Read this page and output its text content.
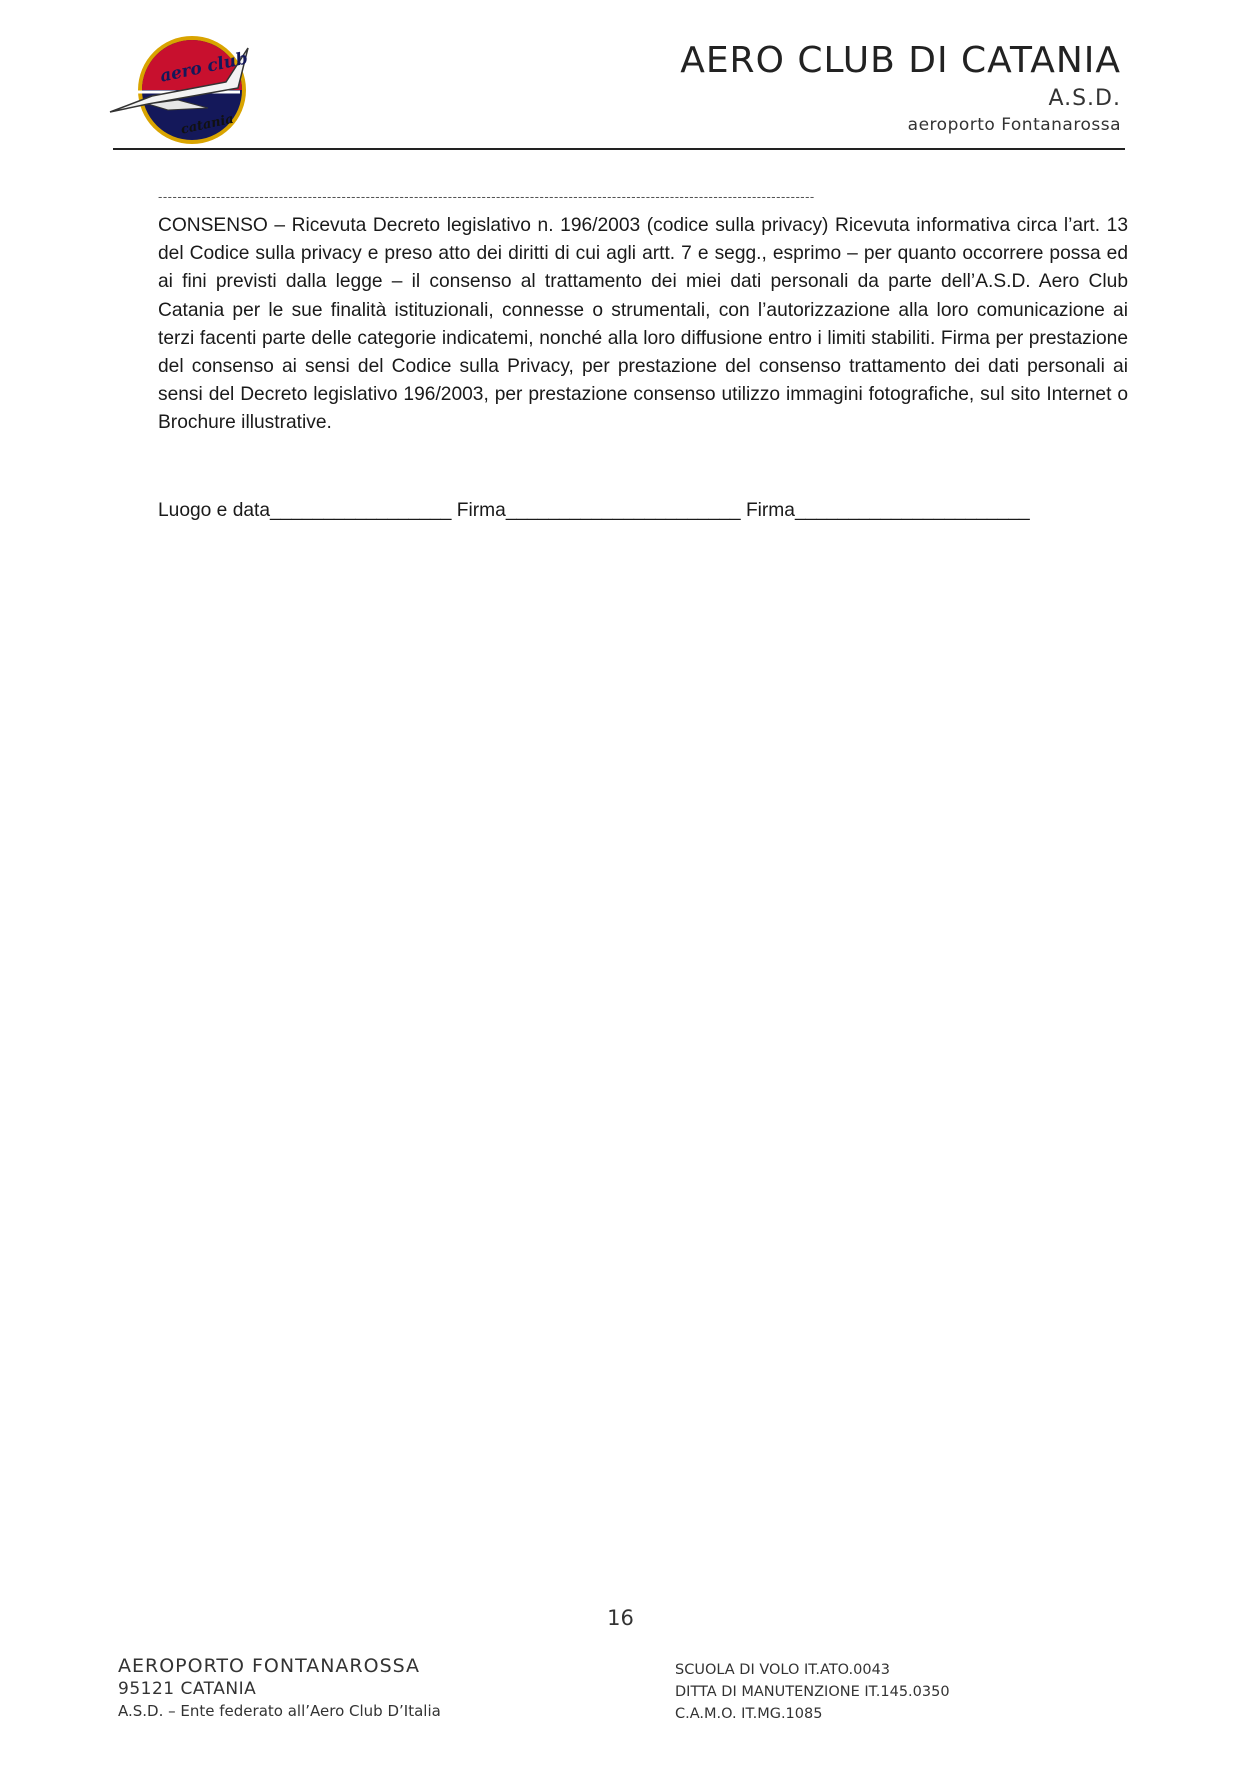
aero club
catania
AERO CLUB DI CATANIA
A.S.D.
aeroporto Fontanarossa
----------------------------------------------------------------------------------------------------------------------------------------

CONSENSO – Ricevuta Decreto legislativo n. 196/2003 (codice sulla privacy) Ricevuta informativa circa l’art. 13 del Codice sulla privacy e preso atto dei diritti di cui agli artt. 7 e segg., esprimo – per quanto occorrere possa ed ai fini previsti dalla legge – il consenso al trattamento dei miei dati personali da parte dell’A.S.D. Aero Club Catania per le sue finalità istituzionali, connesse o strumentali, con l’autorizzazione alla loro comunicazione ai terzi facenti parte delle categorie indicatemi, nonché alla loro diffusione entro i limiti stabiliti. Firma per prestazione del consenso ai sensi del Codice sulla Privacy, per prestazione del consenso trattamento dei dati personali ai sensi del Decreto legislativo 196/2003, per prestazione consenso utilizzo immagini fotografiche, sul sito Internet o Brochure illustrative.

Luogo e data_________________ Firma______________________ Firma______________________
16
AEROPORTO FONTANAROSSA
95121 CATANIA
A.S.D. – Ente federato all’Aero Club D’Italia
SCUOLA DI VOLO IT.ATO.0043
DITTA DI MANUTENZIONE IT.145.0350
C.A.M.O. IT.MG.1085
